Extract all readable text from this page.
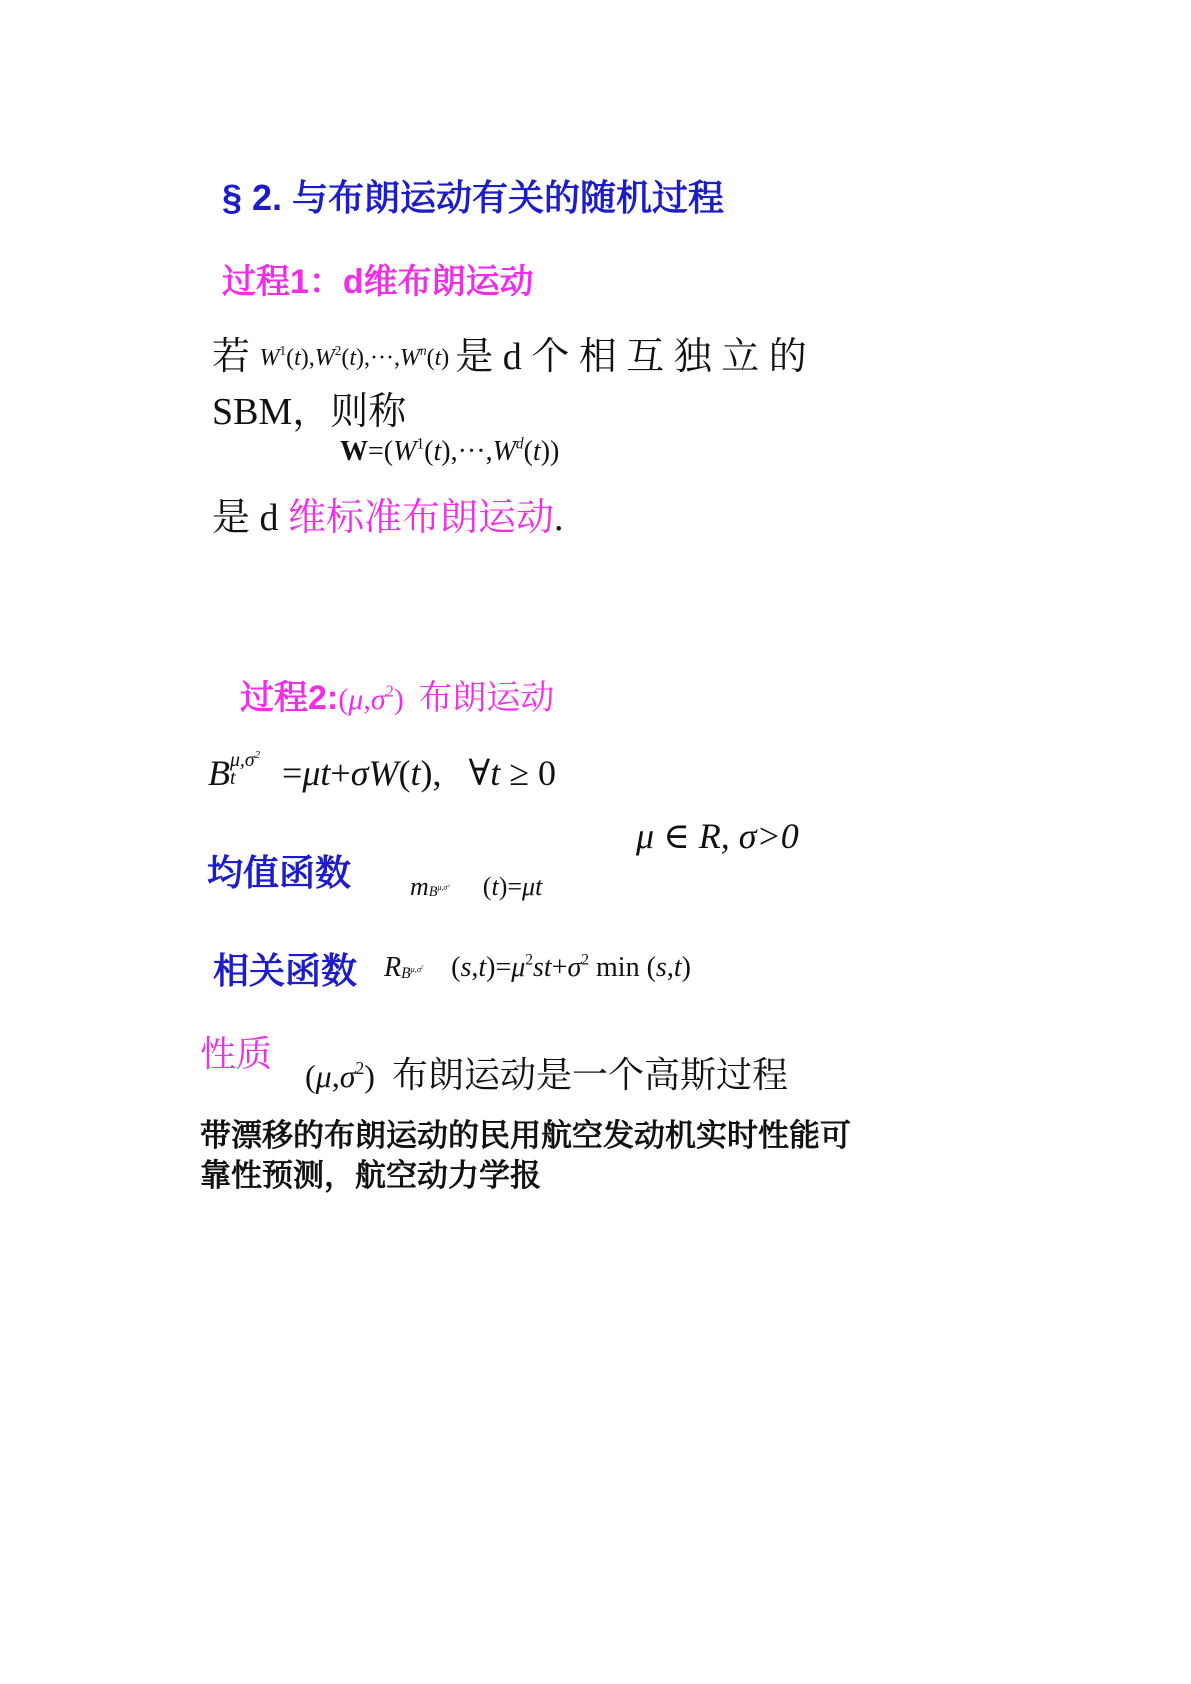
§ 2. 与布朗运动有关的随机过程
过程1：d维布朗运动
若 $W^1(t),W^2(t),\cdot\cdot\cdot,W^n(t)$ 是 d 个 相 互 独 立 的
SBM，则称
$W=(W^1(t),\cdot\cdot\cdot,W^d(t))$
是 d 维标准布朗运动.
过程$2:(\mu,\sigma^2)$ 布朗运动
B $\mu,\sigma^2$
t =μt+σW(t),   ∀t ≥ 0
μ ∈ R, σ>0
均值函数 m $B^{\mu,\sigma^2}$ (t)=μt
相关函数 R $B^{\mu,\sigma^2}$ $(s,t)=\mu^2st+\sigma^2$ min (s,t)
性质
$(\mu,\sigma^2)$ 布朗运动是一个高斯过程
带漂移的布朗运动的民用航空发动机实时性能可
靠性预测，航空动力学报
